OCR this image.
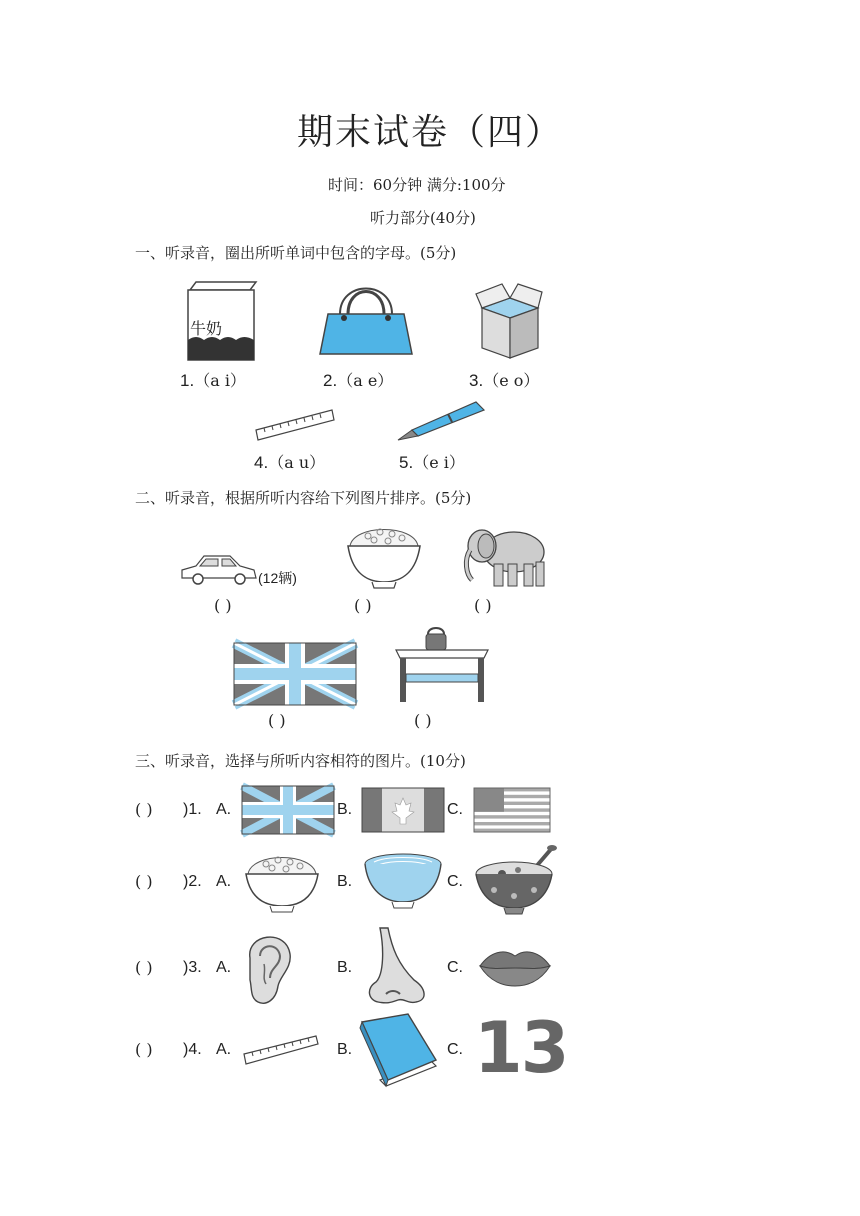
期末试卷（四）
时间：60分钟 满分:100分
听力部分(40分)
一、听录音，圈出所听单词中包含的字母。(5分)
牛奶
1.（a i）	2.（a e）	3.（e o）
4.（a u）	5.（e i）
二、听录音，根据所听内容给下列图片排序。(5分)
(12辆)
( )	( )	( )
( )	( )
三、听录音，选择与所听内容相符的图片。(10分)
( ) )1. A.	B.	C.
( ) )2. A.	B.	C.
( ) )3. A.	B.	C.
( ) )4. A.	B.	C. 13
